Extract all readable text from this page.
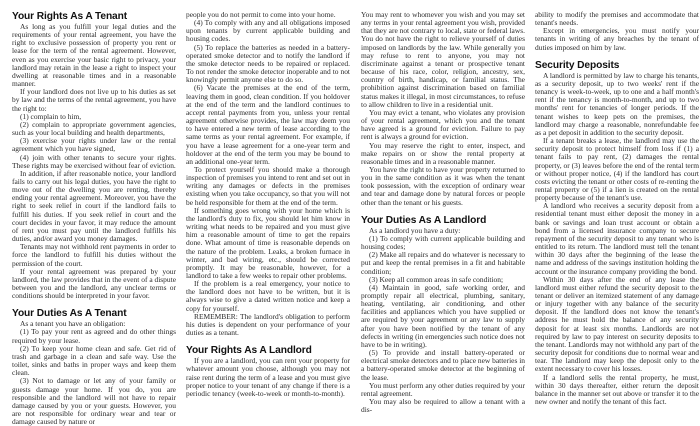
Your Rights As A Tenant

As long as you fulfill your legal duties and the requirements of your rental agreement, you have the right to exclusive possession of property you rent or lease for the term of the rental agreement. However, even as you exercise your basic right to privacy, your landlord may retain in the lease a right to inspect your dwelling at reasonable times and in a reasonable manner.

If your landlord does not live up to his duties as set by law and the terms of the rental agreement, you have the right to:

(1) complain to him,

(2) complain to appropriate government agencies, such as your local building and health departments,

(3) exercise your rights under law or the rental agreement which you have signed,

(4) join with other tenants to secure your rights. These rights may be exercised without fear of eviction.

In addition, if after reasonable notice, your landlord fails to carry out his legal duties, you have the right to move out of the dwelling you are renting, thereby ending your rental agreement. Moreover, you have the right to seek relief in court if the landlord fails to fulfill his duties. If you seek relief in court and the court decides in your favor, it may reduce the amount of rent you must pay until the landlord fulfills his duties, and/or award you money damages.

Tenants may not withhold rent payments in order to force the landlord to fulfill his duties without the permission of the court.

If your rental agreement was prepared by your landlord, the law provides that in the event of a dispute between you and the landlord, any unclear terms or conditions should be interpreted in your favor.

Your Duties As A Tenant

As a tenant you have an obligation:

(1) To pay your rent as agreed and do other things required by your lease.

(2) To keep your home clean and safe. Get rid of trash and garbage in a clean and safe way. Use the toilet, sinks and baths in proper ways and keep them clean.

(3) Not to damage or let any of your family or guests damage your home. If you do, you are responsible and the landlord will not have to repair damage caused by you or your guests. However, you are not responsible for ordinary wear and tear or damage caused by nature or

people you do not permit to come into your home.

(4) To comply with any and all obligations imposed upon tenants by current applicable building and housing codes.

(5) To replace the batteries as needed in a battery-operated smoke detector and to notify the landlord if the smoke detector needs to be repaired or replaced. To not render the smoke detector inoperable and to not knowingly permit anyone else to do so.

(6) Vacate the premises at the end of the term, leaving them in good, clean condition. If you holdover at the end of the term and the landlord continues to accept rental payments from you, unless your rental agreement otherwise provides, the law may deem you to have entered a new term of lease according to the same terms as your rental agreement. For example, if you have a lease agreement for a one-year term and holdover at the end of the term you may be bound to an additional one-year term.

To protect yourself you should make a thorough inspection of premises you intend to rent and set out in writing any damages or defects in the premises existing when you take occupancy, so that you will not be held responsible for them at the end of the term.

If something goes wrong with your home which is the landlord's duty to fix, you should let him know in writing what needs to be repaired and you must give him a reasonable amount of time to get the repairs done. What amount of time is reasonable depends on the nature of the problem. Leaks, a broken furnace in winter, and bad wiring, etc., should be corrected promptly. It may be reasonable, however, for a landlord to take a few weeks to repair other problems.

If the problem is a real emergency, your notice to the landlord does not have to be written, but it is always wise to give a dated written notice and keep a copy for yourself.

REMEMBER: The landlord's obligation to perform his duties is dependent on your performance of your duties as a tenant.

Your Rights As A Landlord

If you are a landlord, you can rent your property for whatever amount you choose, although you may not raise rent during the term of a lease and you must give proper notice to your tenant of any change if there is a periodic tenancy (week-to-week or month-to-month).

You may rent to whomever you wish and you may set any terms in your rental agreement you wish, provided that they are not contrary to local, state or federal laws. You do not have the right to relieve yourself of duties imposed on landlords by the law. While generally you may refuse to rent to anyone, you may not discriminate against a tenant or prospective tenant because of his race, color, religion, ancestry, sex, country of birth, handicap, or familial status. The prohibition against discrimination based on familial status makes it illegal, in most circumstances, to refuse to allow children to live in a residential unit.

You may evict a tenant, who violates any provision of your rental agreement, which you and the tenant have agreed is a ground for eviction. Failure to pay rent is always a ground for eviction.

You may reserve the right to enter, inspect, and make repairs on or show the rental property at reasonable times and in a reasonable manner.

You have the right to have your property returned to you in the same condition as it was when the tenant took possession, with the exception of ordinary wear and tear and damage done by natural forces or people other than the tenant or his guests.

Your Duties As A Landlord

As a landlord you have a duty:

(1) To comply with current applicable building and housing codes;

(2) Make all repairs and do whatever is necessary to put and keep the rental premises in a fit and habitable condition;

(3) Keep all common areas in safe condition;

(4) Maintain in good, safe working order, and promptly repair all electrical, plumbing, sanitary, heating, ventilating, air conditioning, and other facilities and appliances which you have supplied or are required by your agreement or any law to supply after you have been notified by the tenant of any defects in writing (in emergencies such notice does not have to be in writing).

(5) To provide and install battery-operated or electrical smoke detectors and to place new batteries in a battery-operated smoke detector at the beginning of the lease.

You must perform any other duties required by your rental agreement.

You may also be required to allow a tenant with a dis-

ability to modify the premises and accommodate that tenant's needs.

Except in emergencies, you must notify your tenants in writing of any breaches by the tenant of duties imposed on him by law.

Security Deposits

A landlord is permitted by law to charge his tenants, as a security deposit, up to two weeks' rent if the tenancy is week-to-week, up to one and a half month's rent if the tenancy is month-to-month, and up to two months' rent for tenancies of longer periods. If the tenant wishes to keep pets on the premises, the landlord may charge a reasonable, nonrefundable fee as a pet deposit in addition to the security deposit.

If a tenant breaks a lease, the landlord may use the security deposit to protect himself from loss if (1) a tenant fails to pay rent, (2) damages the rental property, or (3) leaves before the end of the rental term or without proper notice, (4) if the landlord has court costs evicting the tenant or other costs of re-renting the rental property or (5) if a lien is created on the rental property because of the tenant's use.

A landlord who receives a security deposit from a residential tenant must either deposit the money in a bank or savings and loan trust account or obtain a bond from a licensed insurance company to secure repayment of the security deposit to any tenant who is entitled to its return. The landlord must tell the tenant within 30 days after the beginning of the lease the name and address of the savings institution holding the account or the insurance company providing the bond.

Within 30 days after the end of any lease the landlord must either refund the security deposit to the tenant or deliver an itemized statement of any damage or injury together with any balance of the security deposit. If the landlord does not know the tenant's address he must hold the balance of any security deposit for at least six months. Landlords are not required by law to pay interest on security deposits to the tenant. Landlords may not withhold any part of the security deposit for conditions due to normal wear and tear. The landlord may keep the deposit only to the extent necessary to cover his losses.

If a landlord sells the rental property, he must, within 30 days thereafter, either return the deposit balance in the manner set out above or transfer it to the new owner and notify the tenant of this fact.
